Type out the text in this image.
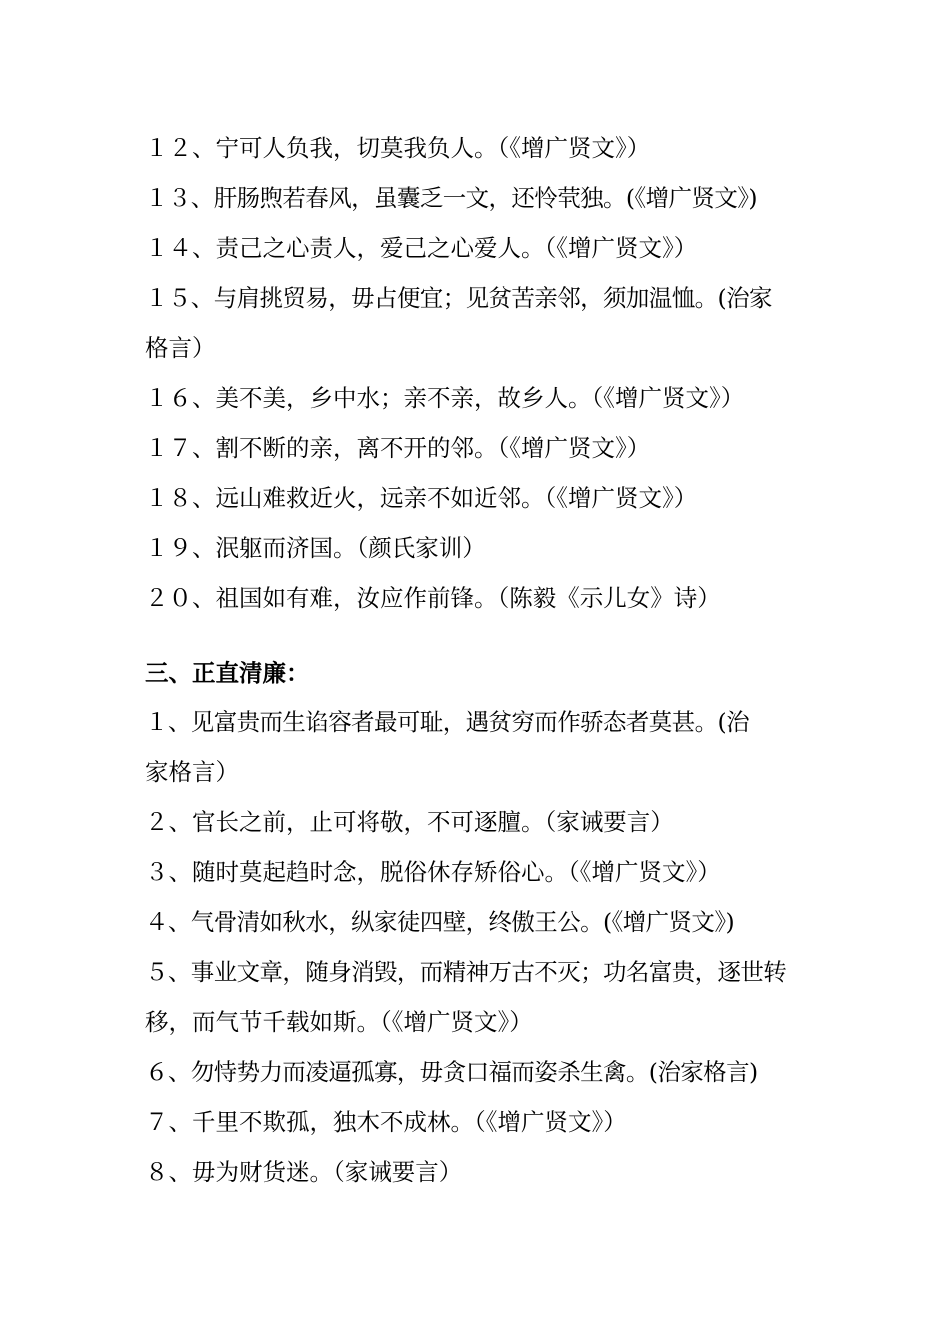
１２、宁可人负我，切莫我负人。（《增广贤文》）
１３、肝肠煦若春风，虽囊乏一文，还怜茕独。(《增广贤文》)
１４、责己之心责人，爱己之心爱人。（《增广贤文》）
１５、与肩挑贸易，毋占便宜；见贫苦亲邻，须加温恤。(治家
格言）
１６、美不美，乡中水；亲不亲，故乡人。（《增广贤文》）
１７、割不断的亲，离不开的邻。（《增广贤文》）
１８、远山难救近火，远亲不如近邻。（《增广贤文》）
１９、泯躯而济国。（颜氏家训）
２０、祖国如有难，汝应作前锋。（陈毅《示儿女》诗）
三、正直清廉：
１、见富贵而生谄容者最可耻，遇贫穷而作骄态者莫甚。(治
家格言）
２、官长之前，止可将敬，不可逐膻。（家诫要言）
３、随时莫起趋时念，脱俗休存矫俗心。（《增广贤文》）
４、气骨清如秋水，纵家徒四壁，终傲王公。(《增广贤文》)
５、事业文章，随身消毁，而精神万古不灭；功名富贵，逐世转
移，而气节千载如斯。（《增广贤文》）
６、勿恃势力而凌逼孤寡，毋贪口福而姿杀生禽。(治家格言)
７、千里不欺孤，独木不成林。（《增广贤文》）
８、毋为财货迷。（家诫要言）
